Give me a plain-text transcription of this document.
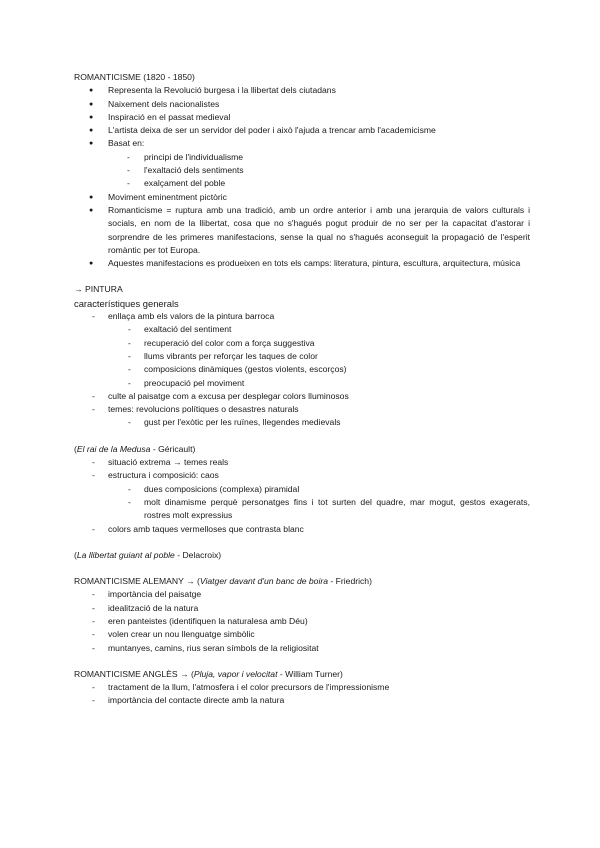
ROMANTICISME (1820 - 1850)

● Representa la Revolució burgesa i la llibertat dels ciutadans
● Naixement dels nacionalistes
● Inspiració en el passat medieval
● L'artista deixa de ser un servidor del poder i això l'ajuda a trencar amb l'academicisme
● Basat en:
- principi de l'individualisme
- l'exaltació dels sentiments
- exalçament del poble
● Moviment eminentment pictòric
● Romanticisme = ruptura amb una tradició, amb un ordre anterior i amb una jerarquia de valors culturals i socials, en nom de la llibertat, cosa que no s'hagués pogut produir de no ser per la capacitat d'astorar i sorprendre de les primeres manifestacions, sense la qual no s'hagués aconseguit la propagació de l'esperit romàntic per tot Europa.
● Aquestes manifestacions es produeixen en tots els camps: literatura, pintura, escultura, arquitectura, música

→ PINTURA

característiques generals

- enllaça amb els valors de la pintura barroca
- exaltació del sentiment
- recuperació del color com a força suggestiva
- llums vibrants per reforçar les taques de color
- composicions dinàmiques (gestos violents, escorços)
- preocupació pel moviment
- culte al paisatge com a excusa per desplegar colors lluminosos
- temes: revolucions polítiques o desastres naturals
- gust per l'exòtic per les ruïnes, llegendes medievals

(El rai de la Medusa - Géricault)

- situació extrema → temes reals
- estructura i composició: caos
- dues composicions (complexa) piramidal
- molt dinamisme perquè personatges fins i tot surten del quadre, mar mogut, gestos exagerats, rostres molt expressius
- colors amb taques vermelloses que contrasta blanc

(La llibertat guiant al poble - Delacroix)

ROMANTICISME ALEMANY → (Viatger davant d'un banc de boira - Friedrich)

- importància del paisatge
- idealització de la natura
- eren panteistes (identifiquen la naturalesa amb Déu)
- volen crear un nou llenguatge simbòlic
- muntanyes, camins, rius seran símbols de la religiositat

ROMANTICISME ANGLÈS → (Pluja, vapor i velocitat - William Turner)

- tractament de la llum, l'atmosfera i el color precursors de l'impressionisme
- importància del contacte directe amb la natura
